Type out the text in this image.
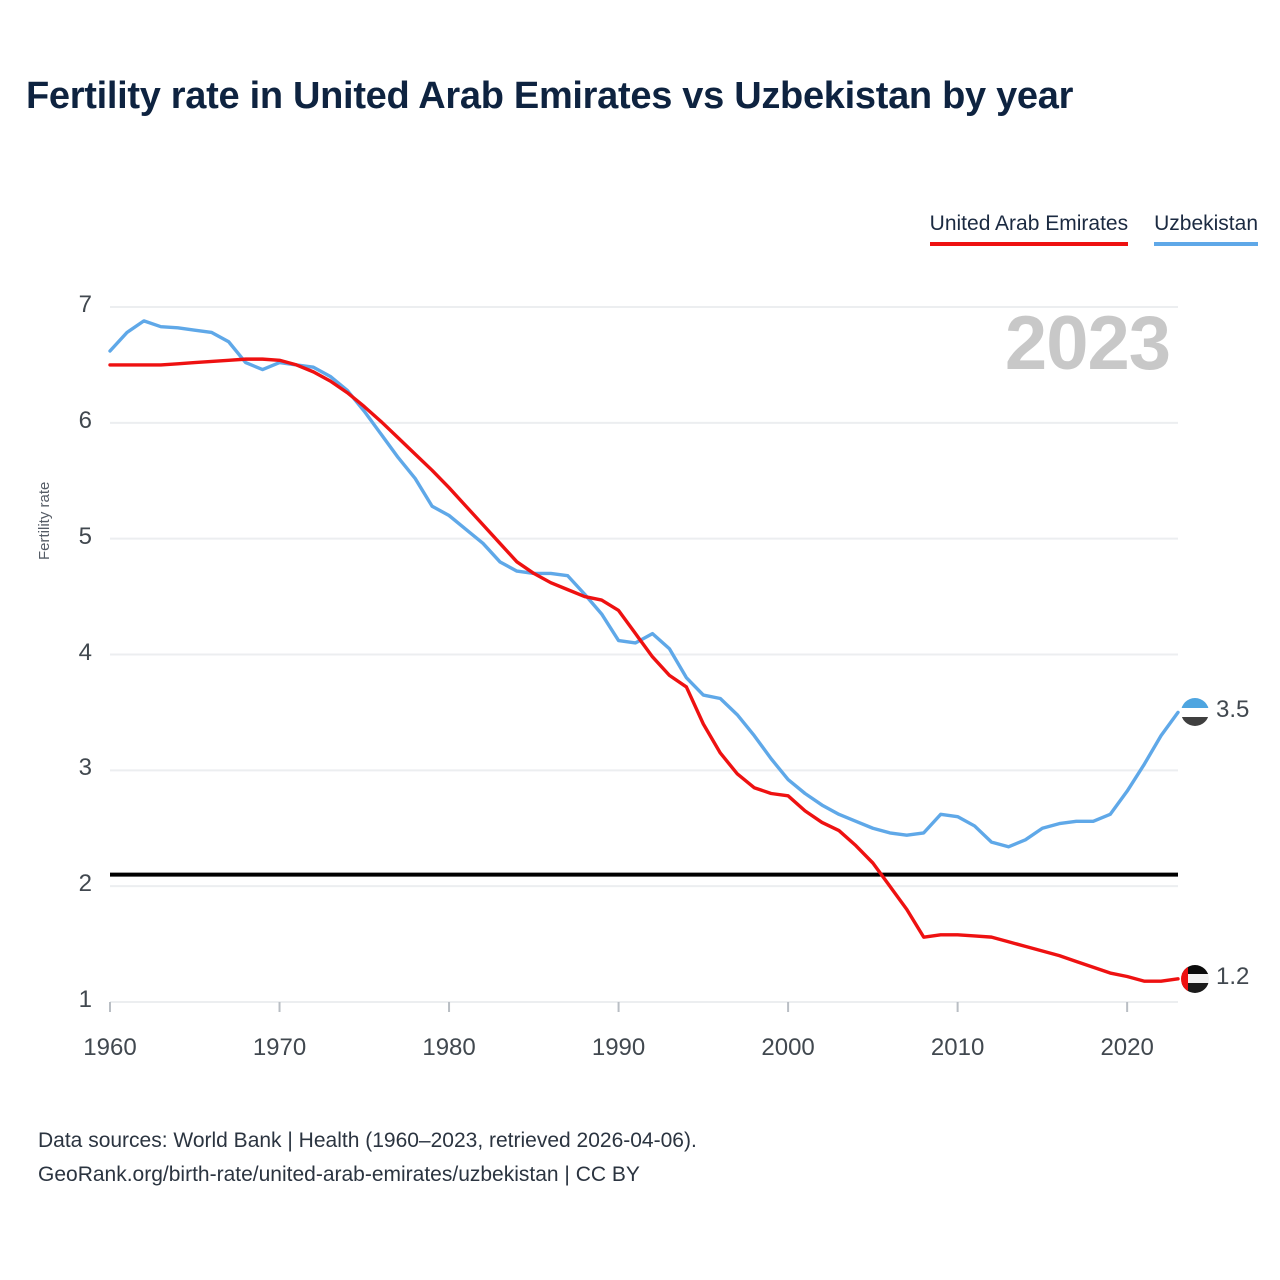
Fertility rate in United Arab Emirates vs Uzbekistan by year
United Arab Emirates Uzbekistan
2023
Fertility rate
1
2
3
4
5
6
7
1960	1970	1980	1990	2000	2010	2020
3.5
1.2
Data sources: World Bank | Health (1960–2023, retrieved 2026-04-06).
GeoRank.org/birth-rate/united-arab-emirates/uzbekistan | CC BY
